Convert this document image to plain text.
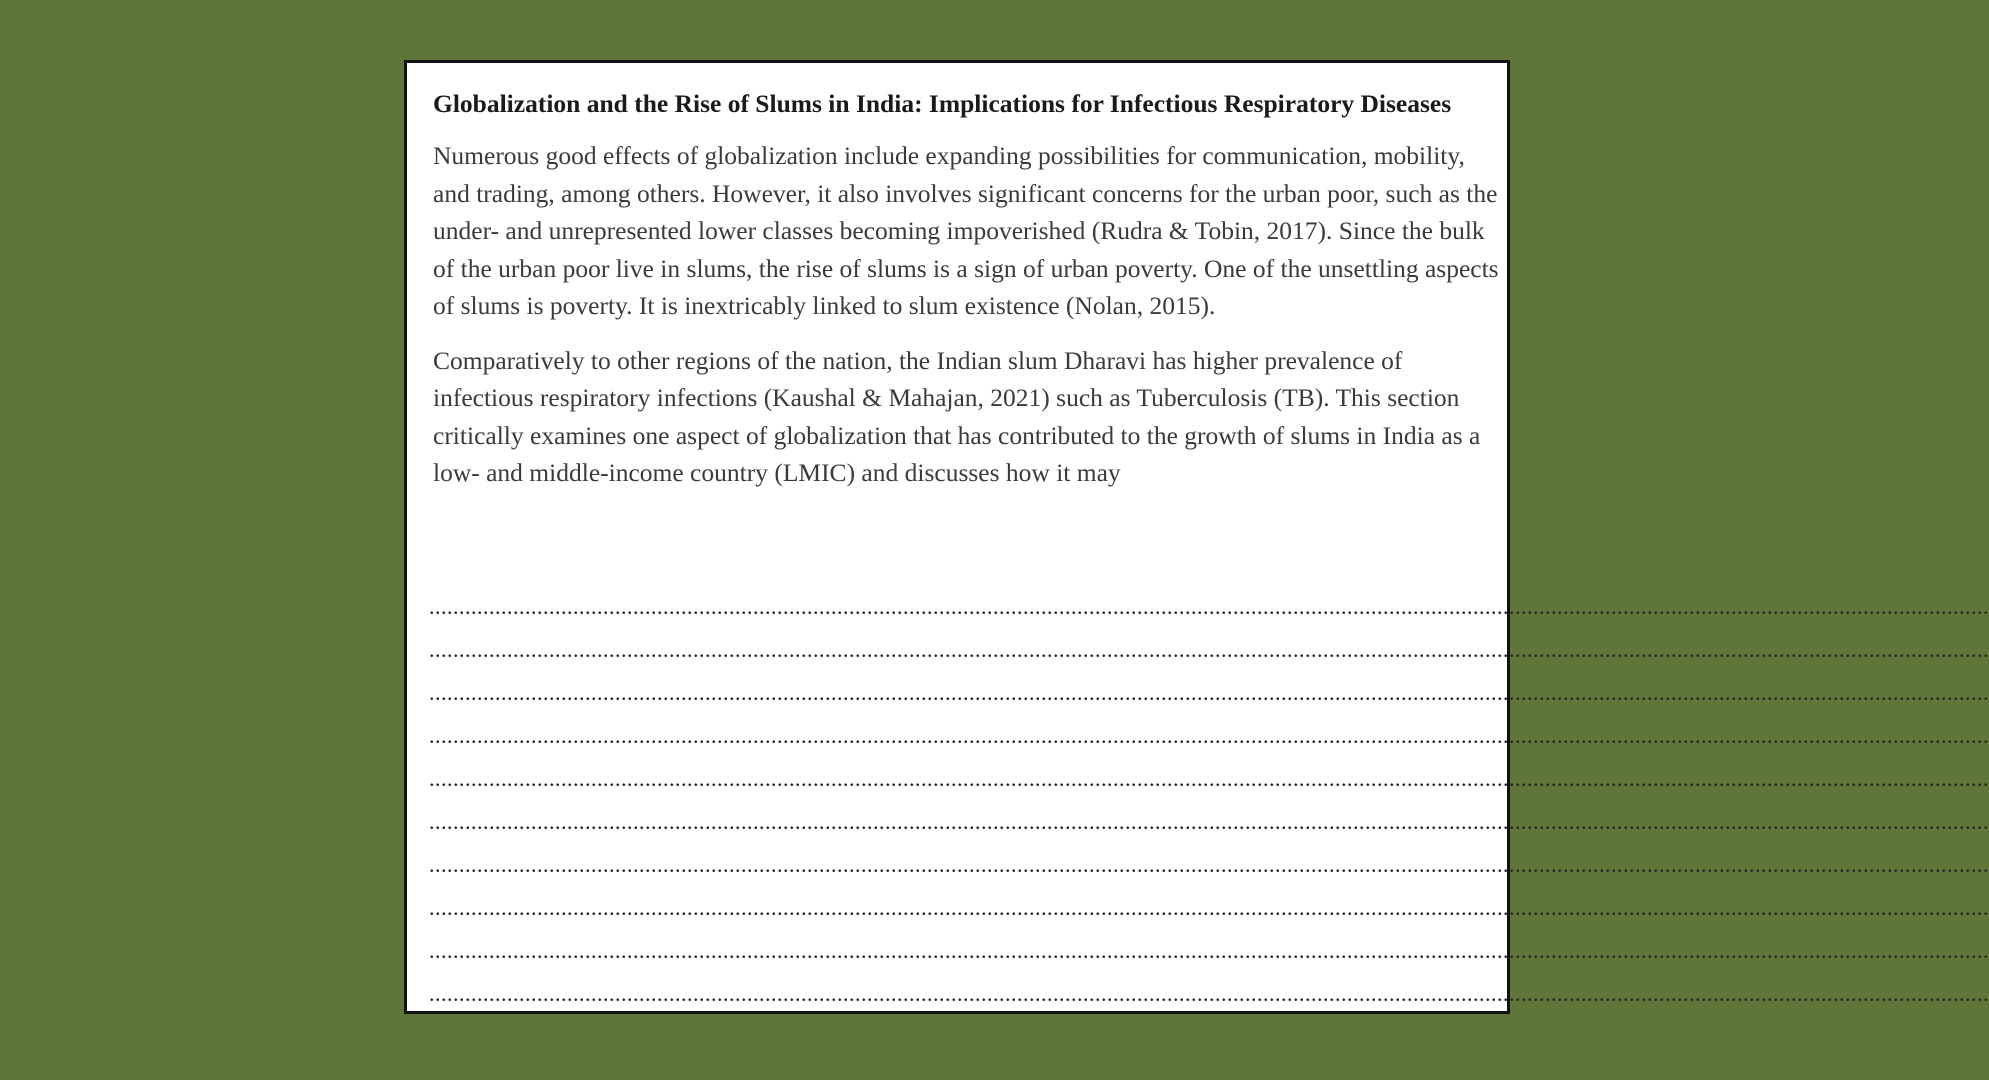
Globalization and the Rise of Slums in India: Implications for Infectious Respiratory Diseases

Numerous good effects of globalization include expanding possibilities for communication, mobility, and trading, among others. However, it also involves significant concerns for the urban poor, such as the under- and unrepresented lower classes becoming impoverished (Rudra & Tobin, 2017). Since the bulk of the urban poor live in slums, the rise of slums is a sign of urban poverty. One of the unsettling aspects of slums is poverty. It is inextricably linked to slum existence (Nolan, 2015).

Comparatively to other regions of the nation, the Indian slum Dharavi has higher prevalence of infectious respiratory infections (Kaushal & Mahajan, 2021) such as Tuberculosis (TB). This section critically examines one aspect of globalization that has contributed to the growth of slums in India as a low- and middle-income country (LMIC) and discusses how it may

....................................................................................................................................................................................................................................................................
....................................................................................................................................................................................................................................................................
....................................................................................................................................................................................................................................................................
....................................................................................................................................................................................................................................................................
....................................................................................................................................................................................................................................................................
....................................................................................................................................................................................................................................................................
....................................................................................................................................................................................................................................................................
....................................................................................................................................................................................................................................................................
....................................................................................................................................................................................................................................................................
....................................................................................................................................................................................................................................................................
